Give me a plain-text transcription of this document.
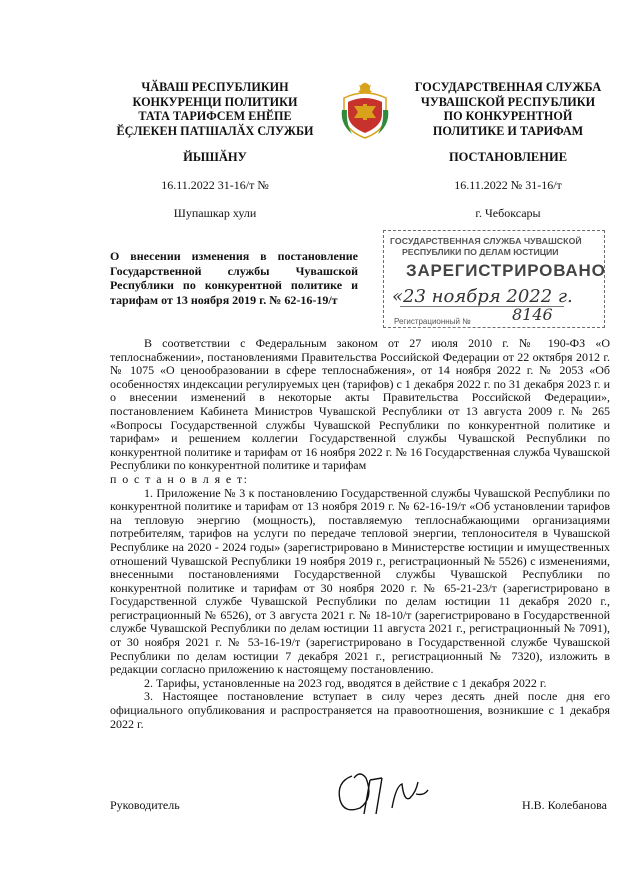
ЧӐВАШ РЕСПУБЛИКИН
КОНКУРЕНЦИ ПОЛИТИКИ
ТАТА ТАРИФСЕМ ЕНӖПЕ
ӖҪЛЕКЕН ПАТШАЛӐХ СЛУЖБИ
ЙЫШӐНУ
16.11.2022 31-16/т №
Шупашкар хули
ГОСУДАРСТВЕННАЯ СЛУЖБА
ЧУВАШСКОЙ РЕСПУБЛИКИ
ПО КОНКУРЕНТНОЙ
ПОЛИТИКЕ И ТАРИФАМ
ПОСТАНОВЛЕНИЕ
16.11.2022 № 31-16/т
г. Чебоксары
О внесении изменения в постановление Государственной службы Чувашской Республики по конкурентной политике и тарифам от 13 ноября 2019 г. № 62-16-19/т
ГОСУДАРСТВЕННАЯ СЛУЖБА ЧУВАШСКОЙ
РЕСПУБЛИКИ ПО ДЕЛАМ ЮСТИЦИИ
ЗАРЕГИСТРИРОВАНО
«23 ноября 2022 г.
Регистрационный №	8146

В соответствии с Федеральным законом от 27 июля 2010 г. № 190-ФЗ «О теплоснабжении», постановлениями Правительства Российской Федерации от 22 октября 2012 г. № 1075 «О ценообразовании в сфере теплоснабжения», от 14 ноября 2022 г. № 2053 «Об особенностях индексации регулируемых цен (тарифов) с 1 декабря 2022 г. по 31 декабря 2023 г. и о внесении изменений в некоторые акты Правительства Российской Федерации», постановлением Кабинета Министров Чувашской Республики от 13 августа 2009 г. № 265 «Вопросы Государственной службы Чувашской Республики по конкурентной политике и тарифам» и решением коллегии Государственной службы Чувашской Республики по конкурентной политике и тарифам от 16 ноября 2022 г. № 16 Государственная служба Чувашской Республики по конкурентной политике и тарифам

п о с т а н о в л я е т:

1. Приложение № 3 к постановлению Государственной службы Чувашской Республики по конкурентной политике и тарифам от 13 ноября 2019 г. № 62-16-19/т «Об установлении тарифов на тепловую энергию (мощность), поставляемую теплоснабжающими организациями потребителям, тарифов на услуги по передаче тепловой энергии, теплоносителя в Чувашской Республике на 2020 - 2024 годы» (зарегистрировано в Министерстве юстиции и имущественных отношений Чувашской Республики 19 ноября 2019 г., регистрационный № 5526) с изменениями, внесенными постановлениями Государственной службы Чувашской Республики по конкурентной политике и тарифам от 30 ноября 2020 г. № 65-21-23/т (зарегистрировано в Государственной службе Чувашской Республики по делам юстиции 11 декабря 2020 г., регистрационный № 6526), от 3 августа 2021 г. № 18-10/т (зарегистрировано в Государственной службе Чувашской Республики по делам юстиции 11 августа 2021 г., регистрационный № 7091), от 30 ноября 2021 г. № 53-16-19/т (зарегистрировано в Государственной службе Чувашской Республики по делам юстиции 7 декабря 2021 г., регистрационный № 7320), изложить в редакции согласно приложению к настоящему постановлению.

2. Тарифы, установленные на 2023 год, вводятся в действие с 1 декабря 2022 г.

3. Настоящее постановление вступает в силу через десять дней после дня его официального опубликования и распространяется на правоотношения, возникшие с 1 декабря 2022 г.

Руководитель	Н.В. Колебанова
